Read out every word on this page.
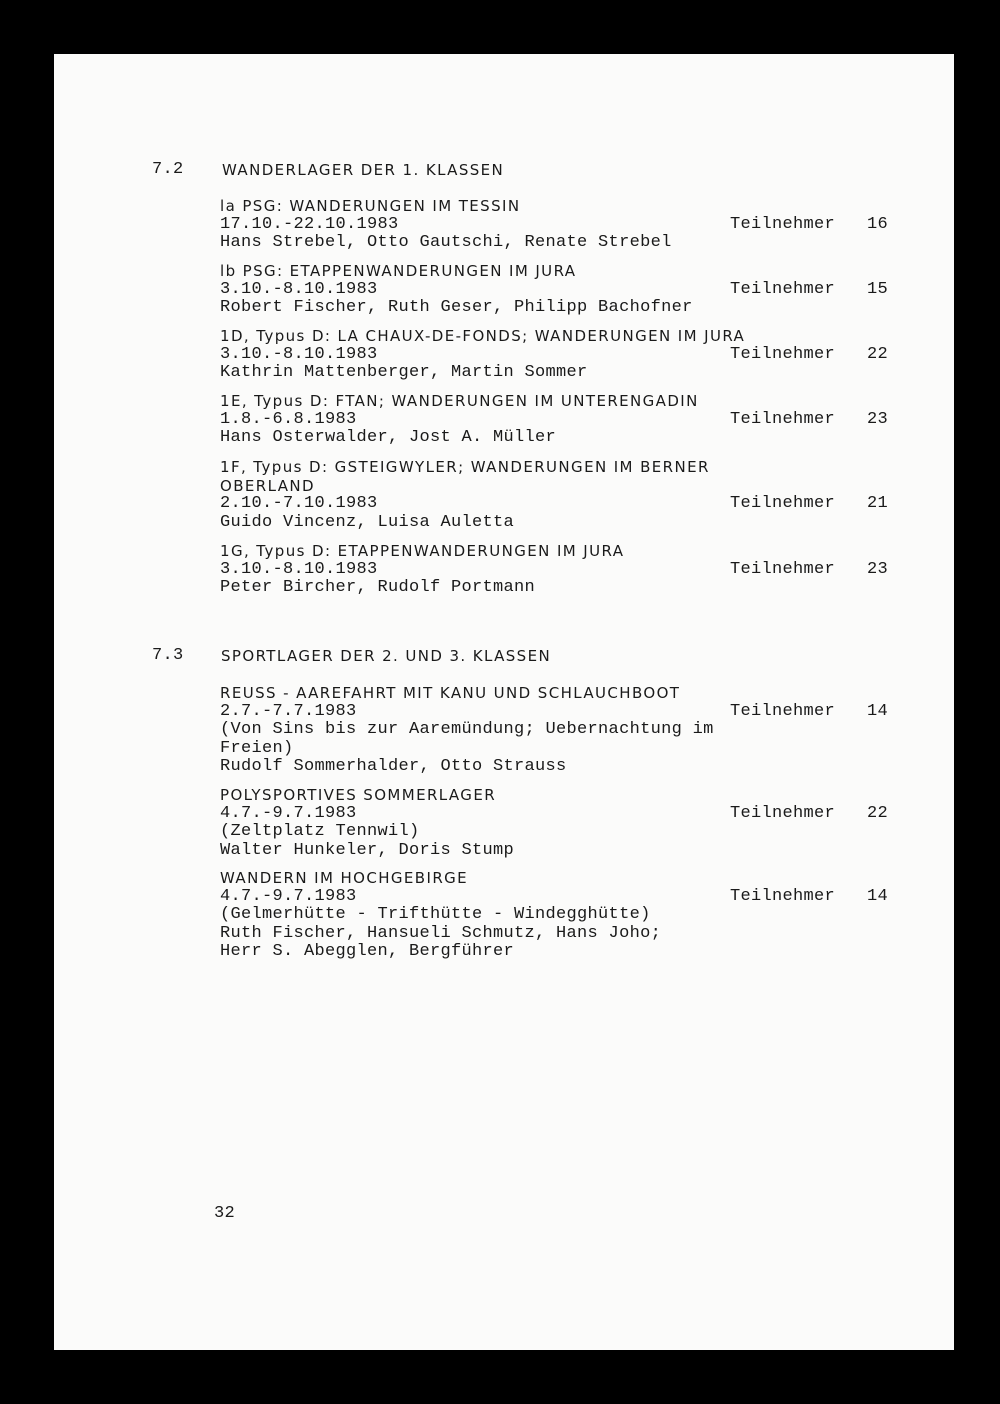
7.2	WANDERLAGER DER 1. KLASSEN
la PSG: WANDERUNGEN IM TESSIN
17.10.-22.10.1983	Teilnehmer 16
Hans Strebel, Otto Gautschi, Renate Strebel
lb PSG: ETAPPENWANDERUNGEN IM JURA
3.10.-8.10.1983	Teilnehmer 15
Robert Fischer, Ruth Geser, Philipp Bachofner
1D, Typus D: LA CHAUX-DE-FONDS; WANDERUNGEN IM JURA
3.10.-8.10.1983	Teilnehmer 22
Kathrin Mattenberger, Martin Sommer
1E, Typus D: FTAN; WANDERUNGEN IM UNTERENGADIN
1.8.-6.8.1983	Teilnehmer 23
Hans Osterwalder, Jost A. Müller
1F, Typus D: GSTEIGWYLER; WANDERUNGEN IM BERNER OBERLAND
2.10.-7.10.1983	Teilnehmer 21
Guido Vincenz, Luisa Auletta
1G, Typus D: ETAPPENWANDERUNGEN IM JURA
3.10.-8.10.1983	Teilnehmer 23
Peter Bircher, Rudolf Portmann
7.3 SPORTLAGER DER 2. UND 3. KLASSEN
REUSS - AAREFAHRT MIT KANU UND SCHLAUCHBOOT
2.7.-7.7.1983	Teilnehmer 14
(Von Sins bis zur Aaremündung; Uebernachtung im
Freien)
Rudolf Sommerhalder, Otto Strauss
POLYSPORTIVES SOMMERLAGER
4.7.-9.7.1983	Teilnehmer 22
(Zeltplatz Tennwil)
Walter Hunkeler, Doris Stump
WANDERN IM HOCHGEBIRGE
4.7.-9.7.1983	Teilnehmer 14
(Gelmerhütte - Trifthütte - Windegghütte)
Ruth Fischer, Hansueli Schmutz, Hans Joho;
Herr S. Abegglen, Bergführer
32
